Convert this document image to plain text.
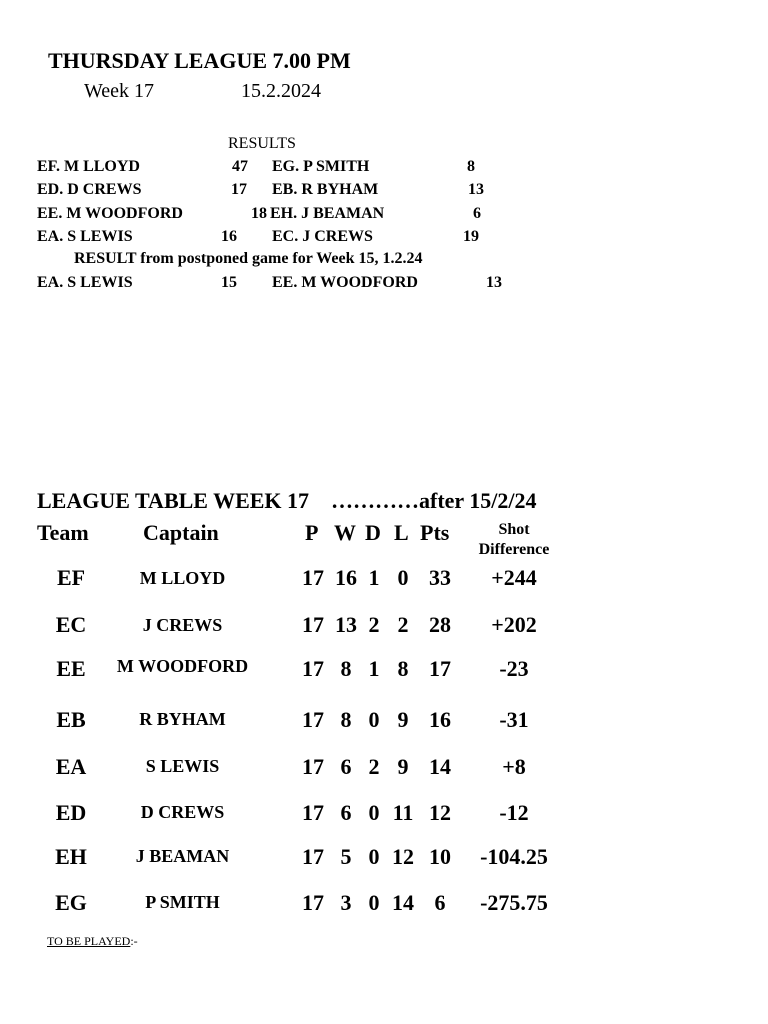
THURSDAY LEAGUE 7.00 PM
Week 17	15.2.2024
RESULTS
EF. M LLOYD	47 EG. P SMITH	8
ED. D CREWS	17 EB. R BYHAM	13
EE. M WOODFORD	18 EH. J BEAMAN	6
EA. S LEWIS	16 EC. J CREWS	19
RESULT from postponed game for Week 15, 1.2.24
EA. S LEWIS	15 EE. M WOODFORD	13
LEAGUE TABLE WEEK 17 …………after 15/2/24
Team Captain	P W D L Pts	Shot
Difference
EF	M LLOYD	17 16 1 0 33	+244
EC	J CREWS	17 13 2 2 28	+202
EE	M WOODFORD	17 8 1 8 17	-23
EB	R BYHAM	17 8 0 9 16	-31
EA	S LEWIS	17 6 2 9 14	+8
ED	D CREWS	17 6 0 11 12	-12
EH	J BEAMAN	17 5 0 12 10	-104.25
EG	P SMITH	17 3 0 14 6	-275.75
TO BE PLAYED:-
